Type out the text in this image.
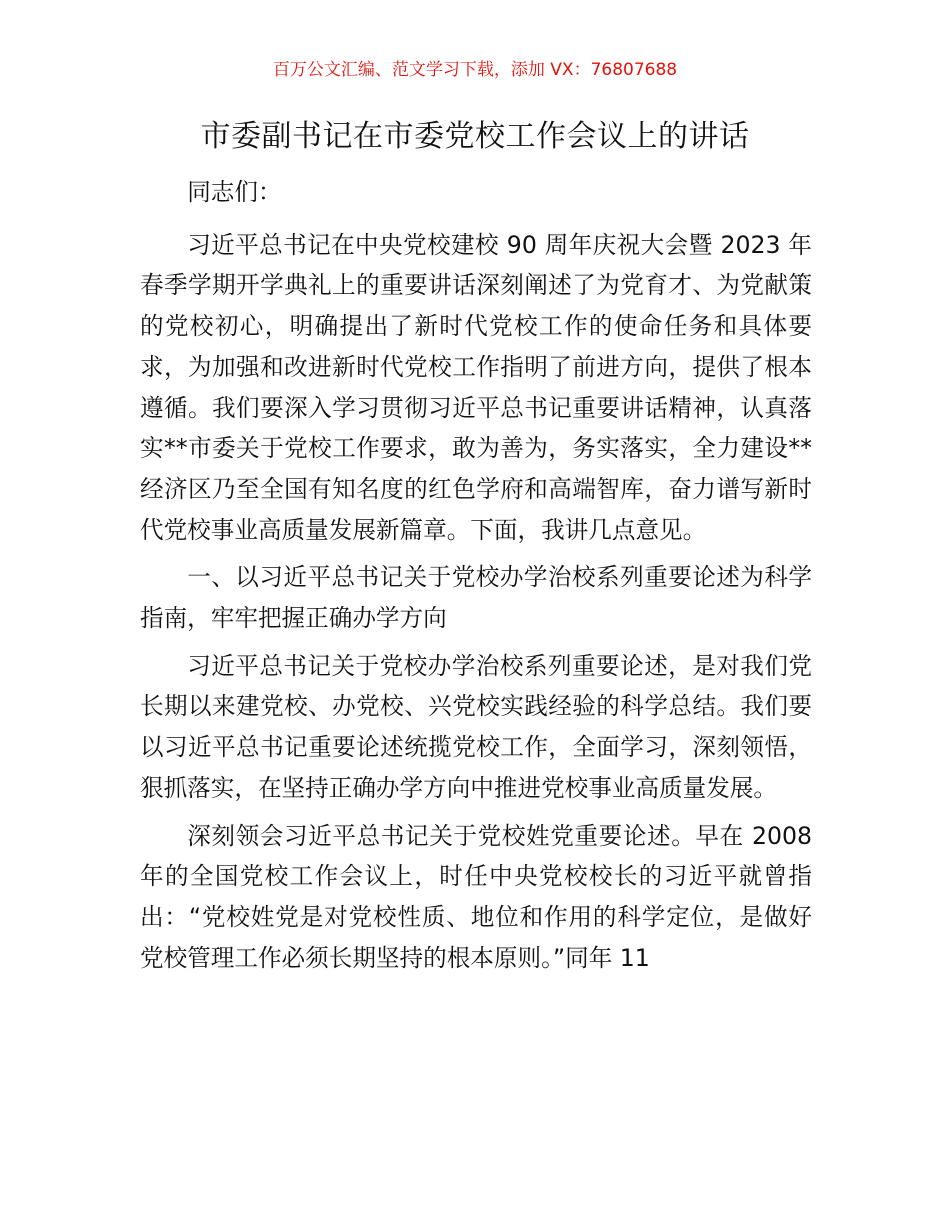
百万公文汇编、范文学习下载，添加 VX：76807688
市委副书记在市委党校工作会议上的讲话

同志们：

习近平总书记在中央党校建校 90 周年庆祝大会暨 2023 年春季学期开学典礼上的重要讲话深刻阐述了为党育才、为党献策的党校初心，明确提出了新时代党校工作的使命任务和具体要求，为加强和改进新时代党校工作指明了前进方向，提供了根本遵循。我们要深入学习贯彻习近平总书记重要讲话精神，认真落实**市委关于党校工作要求，敢为善为，务实落实，全力建设**经济区乃至全国有知名度的红色学府和高端智库，奋力谱写新时代党校事业高质量发展新篇章。下面，我讲几点意见。

一、以习近平总书记关于党校办学治校系列重要论述为科学指南，牢牢把握正确办学方向

习近平总书记关于党校办学治校系列重要论述，是对我们党长期以来建党校、办党校、兴党校实践经验的科学总结。我们要以习近平总书记重要论述统揽党校工作，全面学习，深刻领悟，狠抓落实，在坚持正确办学方向中推进党校事业高质量发展。

深刻领会习近平总书记关于党校姓党重要论述。早在 2008 年的全国党校工作会议上，时任中央党校校长的习近平就曾指出：“党校姓党是对党校性质、地位和作用的科学定位，是做好党校管理工作必须长期坚持的根本原则。”同年 11
